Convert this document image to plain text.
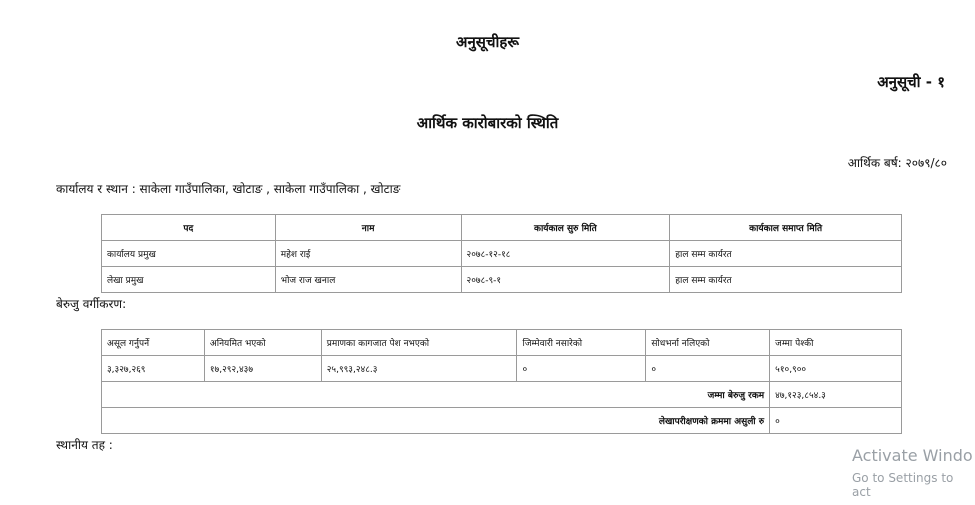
अनुसूचीहरू
अनुसूची - १
आर्थिक कारोबारको स्थिति
आर्थिक बर्ष: २०७९/८०
कार्यालय र स्थान : साकेला गाउँपालिका, खोटाङ , साकेला गाउँपालिका , खोटाङ
पद	नाम	कार्यकाल सुरु मिति	कार्यकाल समाप्त मिति
कार्यालय प्रमुख	महेश राई	२०७८-१२-१८	हाल सम्म कार्यरत
लेखा प्रमुख	भोज राज खनाल	२०७८-९-१	हाल सम्म कार्यरत
बेरुजु वर्गीकरण:
असूल गर्नुपर्ने	अनियमित भएको	प्रमाणका कागजात पेश नभएको	जिम्मेवारी नसारेको	सोधभर्ना नलिएको	जम्मा पेश्की
३,३२७,२६९	१७,२९२,४३७	२५,९९३,२४८.३	०	०	५१०,९००
जम्मा बेरुजु रकम					४७,१२३,८५४.३
लेखापरीक्षणको क्रममा असुली रु					०
स्थानीय तह :
Activate Windo
Go to Settings to act
